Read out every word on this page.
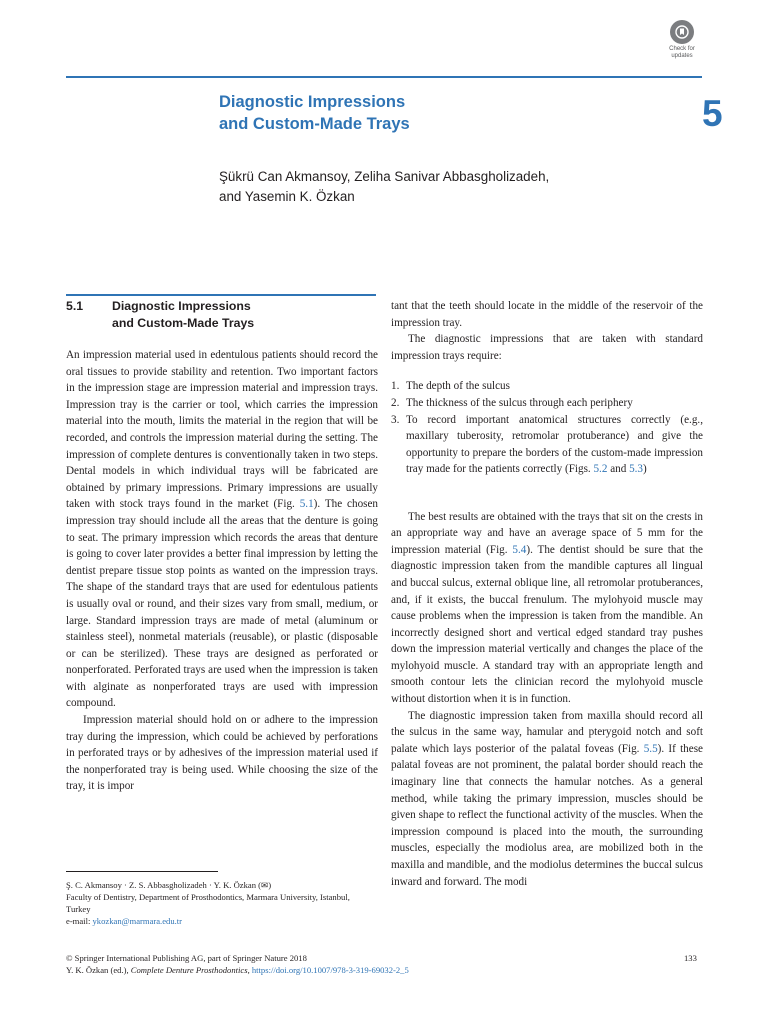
Check for updates
Diagnostic Impressions
and Custom-Made Trays	5
Şükrü Can Akmansoy, Zeliha Sanivar Abbasgholizadeh,
and Yasemin K. Özkan
5.1 Diagnostic Impressions
and Custom-Made Trays

An impression material used in edentulous patients should record the oral tissues to provide stability and retention. Two important factors in the impression stage are impression material and impression trays. Impression tray is the carrier or tool, which carries the impression material into the mouth, limits the material in the region that will be recorded, and controls the impression material during the setting. The impression of complete dentures is conventionally taken in two steps. Dental models in which individual trays will be fabricated are obtained by primary impressions. Primary impressions are usually taken with stock trays found in the market (Fig. 5.1). The chosen impression tray should include all the areas that the denture is going to seat. The primary impression which records the areas that denture is going to cover later provides a better final impression by letting the dentist prepare tissue stop points as wanted on the impression trays. The shape of the standard trays that are used for edentulous patients is usually oval or round, and their sizes vary from small, medium, or large. Standard impression trays are made of metal (aluminum or stainless steel), nonmetal materials (reusable), or plastic (disposable or can be sterilized). These trays are designed as perforated or nonperforated. Perforated trays are used when the impression is taken with alginate as nonperforated trays are used with impression compound.

Impression material should hold on or adhere to the impression tray during the impression, which could be achieved by perforations in perforated trays or by adhesives of the impression material used if the nonperforated tray is being used. While choosing the size of the tray, it is impor

tant that the teeth should locate in the middle of the reservoir of the impression tray.

The diagnostic impressions that are taken with standard impression trays require:

1. The depth of the sulcus
2. The thickness of the sulcus through each periphery
3. To record important anatomical structures correctly (e.g., maxillary tuberosity, retromolar protuberance) and give the opportunity to prepare the borders of the custom-made impression tray made for the patients correctly (Figs. 5.2 and 5.3)

The best results are obtained with the trays that sit on the crests in an appropriate way and have an average space of 5 mm for the impression material (Fig. 5.4). The dentist should be sure that the diagnostic impression taken from the mandible captures all lingual and buccal sulcus, external oblique line, all retromolar protuberances, and, if it exists, the buccal frenulum. The mylohyoid muscle may cause problems when the impression is taken from the mandible. An incorrectly designed short and vertical edged standard tray pushes down the impression material vertically and changes the place of the mylohyoid muscle. A standard tray with an appropriate length and smooth contour lets the clinician record the mylohyoid muscle without distortion when it is in function.

The diagnostic impression taken from maxilla should record all the sulcus in the same way, hamular and pterygoid notch and soft palate which lays posterior of the palatal foveas (Fig. 5.5). If these palatal foveas are not prominent, the palatal border should reach the imaginary line that connects the hamular notches. As a general method, while taking the primary impression, muscles should be given shape to reflect the functional activity of the muscles. When the impression compound is placed into the mouth, the surrounding muscles, especially the modiolus area, are mobilized both in the maxilla and mandible, and the modiolus determines the buccal sulcus inward and forward. The modi

Ş. C. Akmansoy · Z. S. Abbasgholizadeh · Y. K. Özkan (✉)
Faculty of Dentistry, Department of Prosthodontics, Marmara University, Istanbul, Turkey
e-mail: ykozkan@marmara.edu.tr
© Springer International Publishing AG, part of Springer Nature 2018
Y. K. Özkan (ed.), Complete Denture Prosthodontics, https://doi.org/10.1007/978-3-319-69032-2_5
133
